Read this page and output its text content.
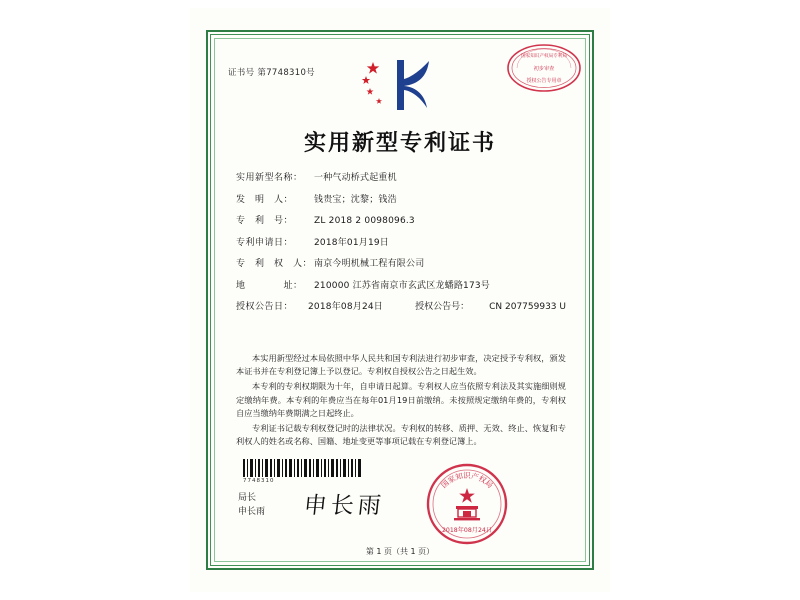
证书号 第7748310号
国家知识产权局专利局
初步审查
授权公告专用章
实用新型专利证书
实用新型名称：	一种气动桥式起重机
发　明　人：	钱贵宝；沈黎；钱浩
专　利　号：	ZL 2018 2 0098096.3
专利申请日：	2018年01月19日
专　利　权　人： 南京今明机械工程有限公司
地　　　　址：	210000 江苏省南京市玄武区龙蟠路173号
授权公告日：	2018年08月24日	授权公告号：	CN 207759933 U

本实用新型经过本局依照中华人民共和国专利法进行初步审查，决定授予专利权，颁发本证书并在专利登记簿上予以登记。专利权自授权公告之日起生效。

本专利的专利权期限为十年，自申请日起算。专利权人应当依照专利法及其实施细则规定缴纳年费。本专利的年费应当在每年01月19日前缴纳。未按照规定缴纳年费的，专利权自应当缴纳年费期满之日起终止。

专利证书记载专利权登记时的法律状况。专利权的转移、质押、无效、终止、恢复和专利权人的姓名或名称、国籍、地址变更等事项记载在专利登记簿上。

7748310
局长
申长雨 申长雨
国家知识产权局
2018年08月24日
第 1 页（共 1 页）
